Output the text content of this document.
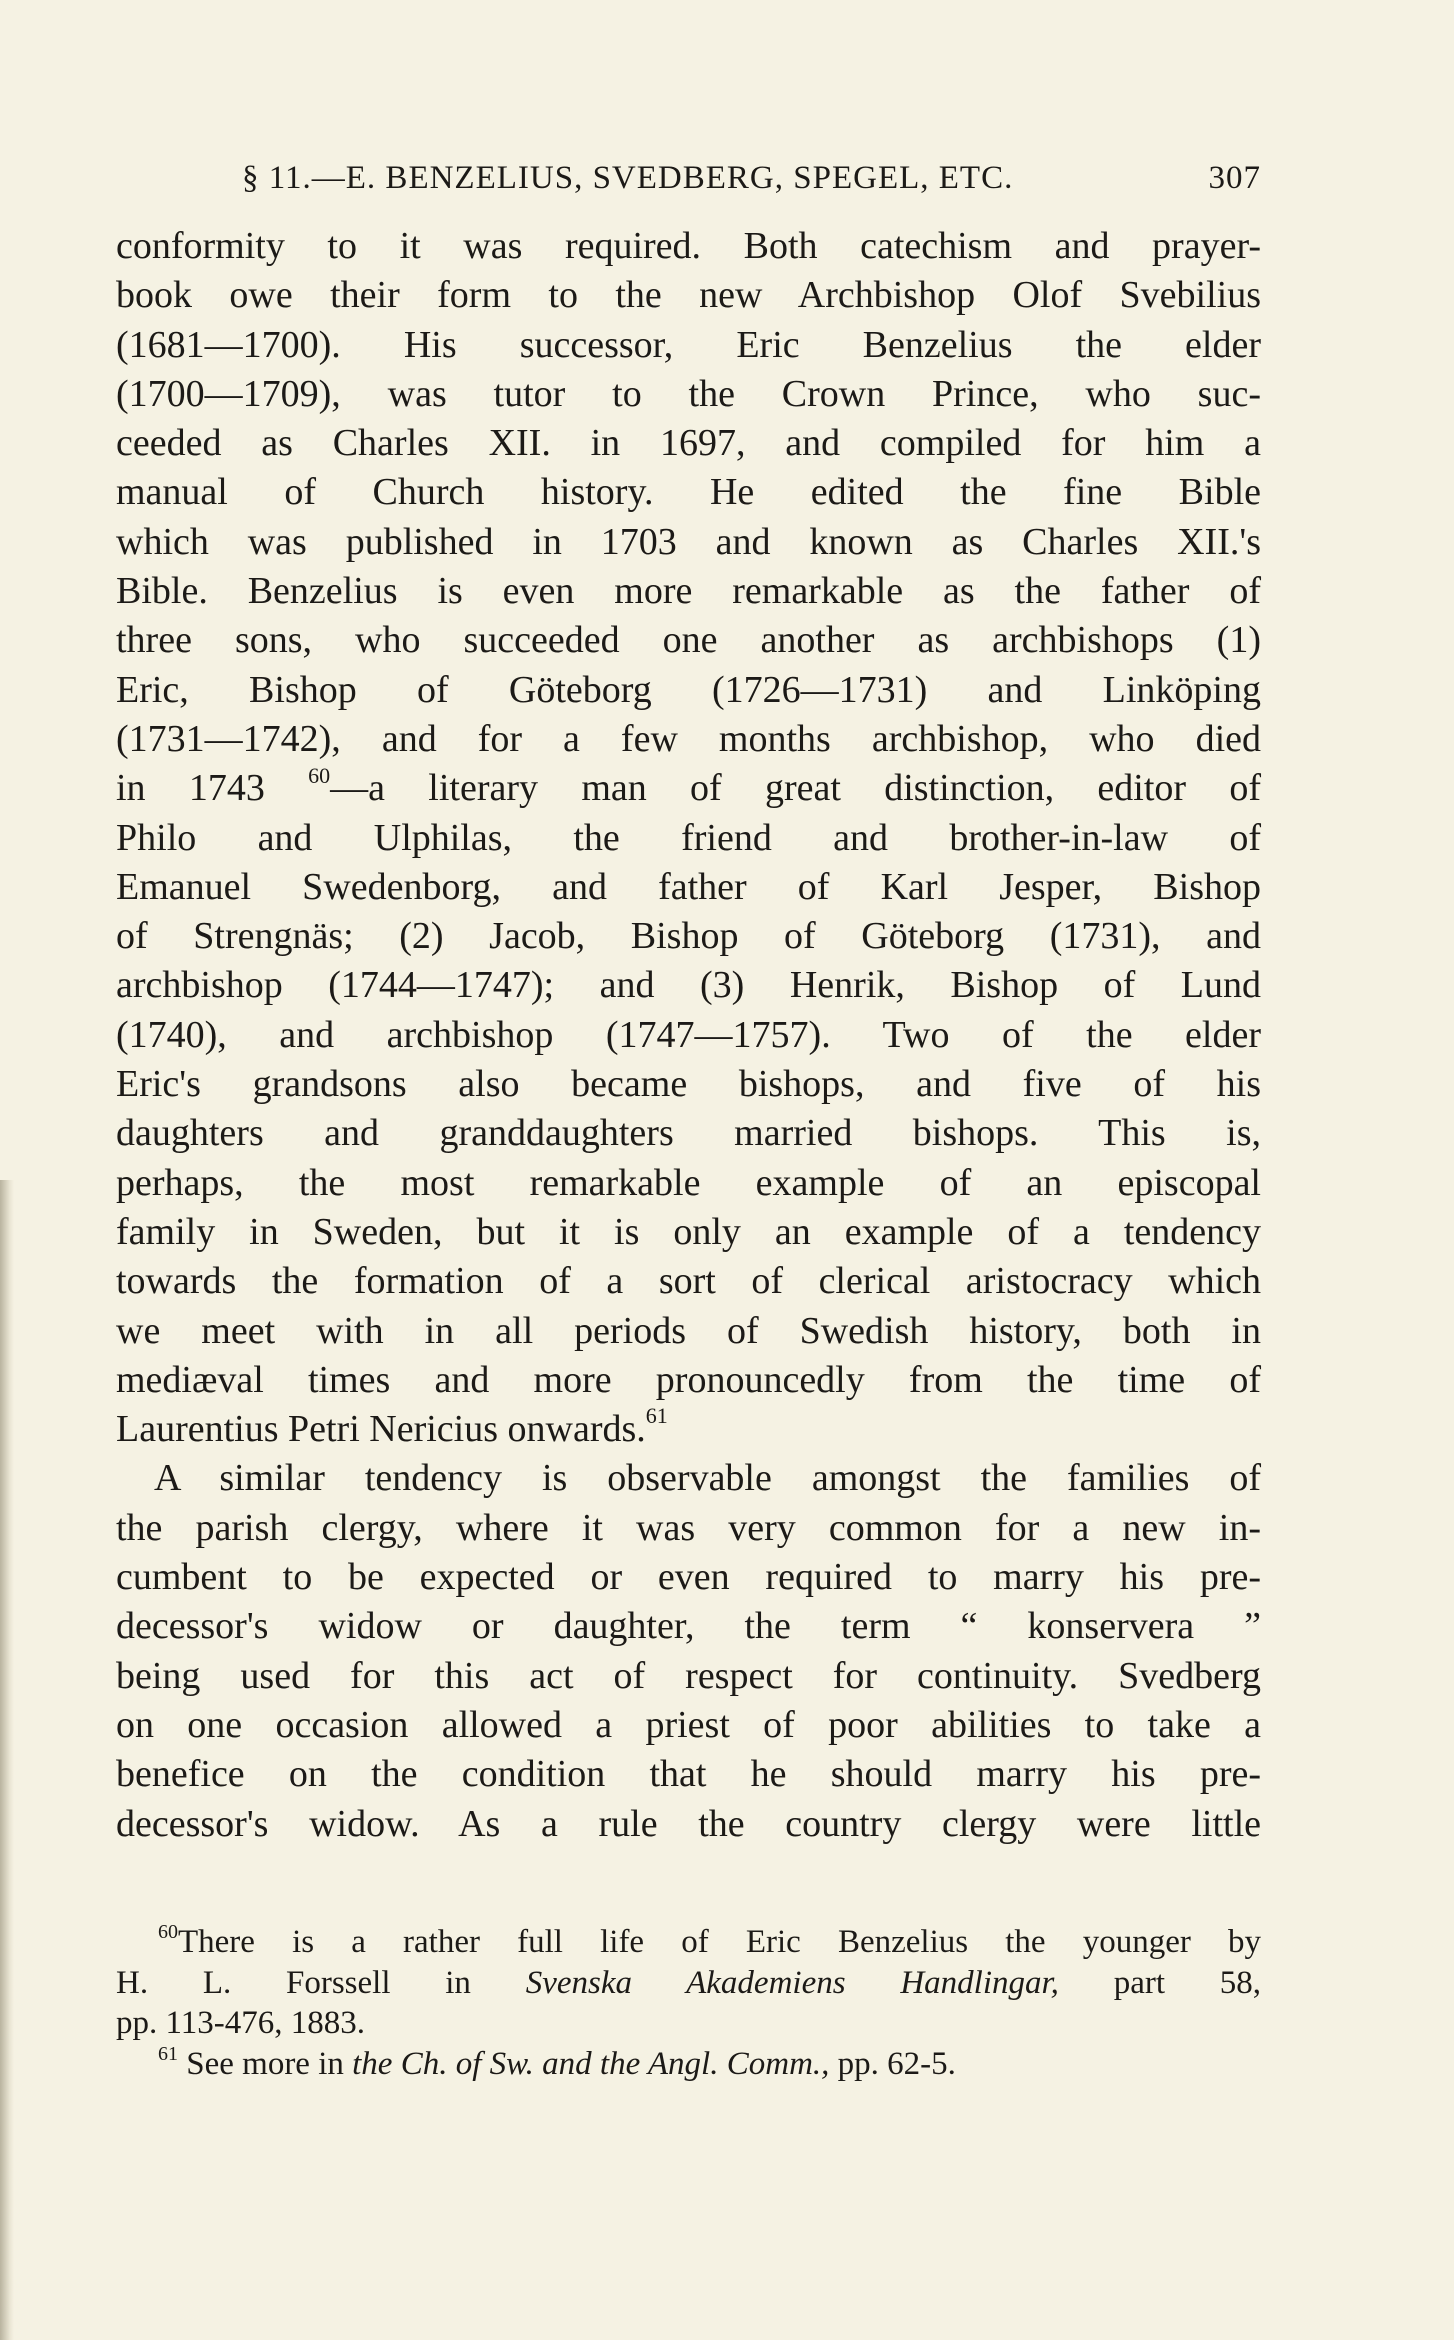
§ 11.—E. BENZELIUS, SVEDBERG, SPEGEL, ETC.	307
conformity to it was required. Both catechism and prayer-
book owe their form to the new Archbishop Olof Svebilius
(1681—1700). His successor, Eric Benzelius the elder
(1700—1709), was tutor to the Crown Prince, who suc-
ceeded as Charles XII. in 1697, and compiled for him a
manual of Church history. He edited the fine Bible
which was published in 1703 and known as Charles XII.'s
Bible. Benzelius is even more remarkable as the father of
three sons, who succeeded one another as archbishops (1)
Eric, Bishop of Göteborg (1726—1731) and Linköping
(1731—1742), and for a few months archbishop, who died
in 1743 $^{60}$—a literary man of great distinction, editor of
Philo and Ulphilas, the friend and brother-in-law of
Emanuel Swedenborg, and father of Karl Jesper, Bishop
of Strengnäs; (2) Jacob, Bishop of Göteborg (1731), and
archbishop (1744—1747); and (3) Henrik, Bishop of Lund
(1740), and archbishop (1747—1757). Two of the elder
Eric's grandsons also became bishops, and five of his
daughters and granddaughters married bishops. This is,
perhaps, the most remarkable example of an episcopal
family in Sweden, but it is only an example of a tendency
towards the formation of a sort of clerical aristocracy which
we meet with in all periods of Swedish history, both in
mediæval times and more pronouncedly from the time of
Laurentius Petri Nericius onwards.$^{61}$
A similar tendency is observable amongst the families of
the parish clergy, where it was very common for a new in-
cumbent to be expected or even required to marry his pre-
decessor's widow or daughter, the term “ konservera ”
being used for this act of respect for continuity. Svedberg
on one occasion allowed a priest of poor abilities to take a
benefice on the condition that he should marry his pre-
decessor's widow. As a rule the country clergy were little
$^{60}$There is a rather full life of Eric Benzelius the younger by
H. L. Forssell in Svenska Akademiens Handlingar, part 58,
pp. 113-476, 1883.
$^{61}$ See more in the Ch. of Sw. and the Angl. Comm., pp. 62-5.
